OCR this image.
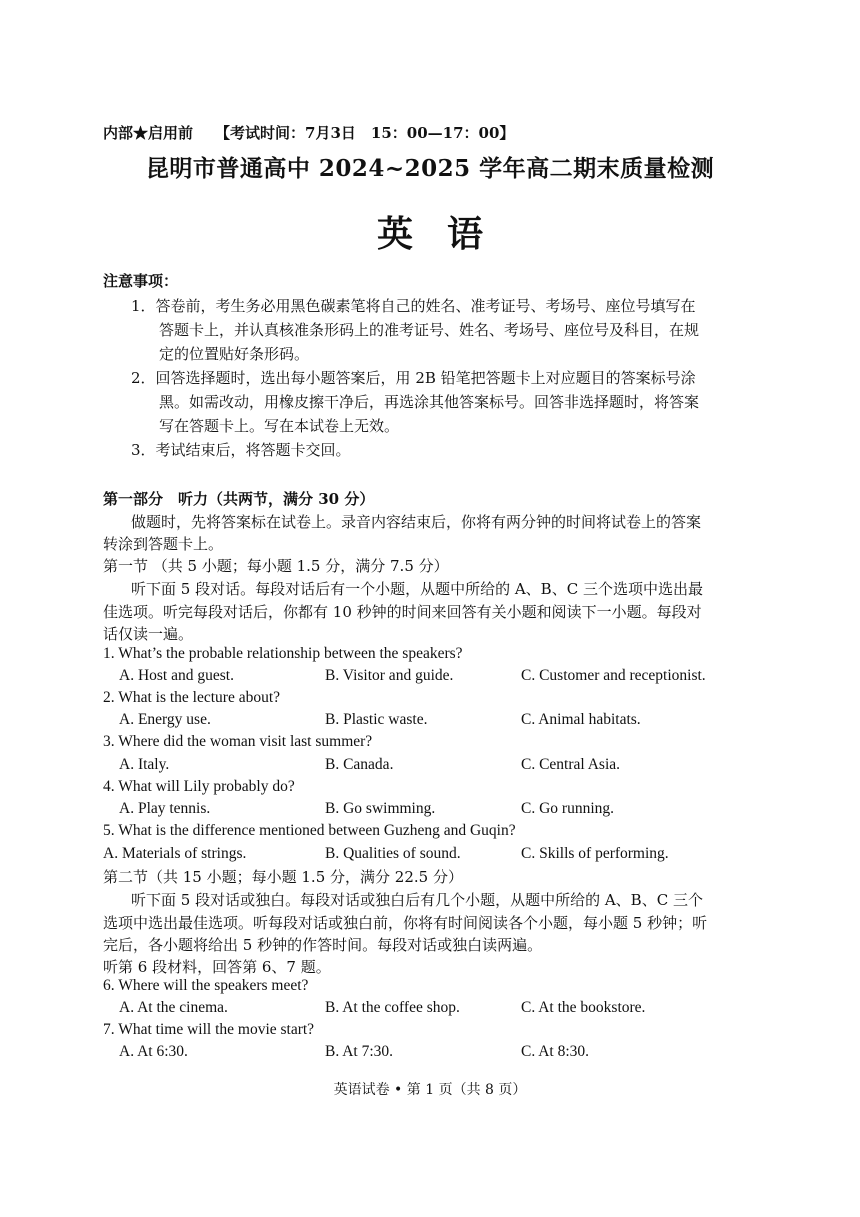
内部★启用前 【考试时间：7月3日　15：00—17：00】
昆明市普通高中 2024~2025 学年高二期末质量检测
英语
注意事项：
1．答卷前，考生务必用黑色碳素笔将自己的姓名、准考证号、考场号、座位号填写在
答题卡上，并认真核准条形码上的准考证号、姓名、考场号、座位号及科目，在规
定的位置贴好条形码。
2．回答选择题时，选出每小题答案后，用 2B 铅笔把答题卡上对应题目的答案标号涂
黑。如需改动，用橡皮擦干净后，再选涂其他答案标号。回答非选择题时，将答案
写在答题卡上。写在本试卷上无效。
3．考试结束后，将答题卡交回。
第一部分　听力（共两节，满分 30 分）
做题时，先将答案标在试卷上。录音内容结束后，你将有两分钟的时间将试卷上的答案
转涂到答题卡上。
第一节 （共 5 小题；每小题 1.5 分，满分 7.5 分）
听下面 5 段对话。每段对话后有一个小题，从题中所给的 A、B、C 三个选项中选出最
佳选项。听完每段对话后，你都有 10 秒钟的时间来回答有关小题和阅读下一小题。每段对
话仅读一遍。
1. What’s the probable relationship between the speakers?
A. Host and guest.	B. Visitor and guide.	C. Customer and receptionist.
2. What is the lecture about?
A. Energy use.	B. Plastic waste.	C. Animal habitats.
3. Where did the woman visit last summer?
A. Italy.	B. Canada.	C. Central Asia.
4. What will Lily probably do?
A. Play tennis.	B. Go swimming.	C. Go running.
5. What is the difference mentioned between Guzheng and Guqin?
A. Materials of strings.	B. Qualities of sound.	C. Skills of performing.
第二节（共 15 小题；每小题 1.5 分，满分 22.5 分）
听下面 5 段对话或独白。每段对话或独白后有几个小题，从题中所给的 A、B、C 三个
选项中选出最佳选项。听每段对话或独白前，你将有时间阅读各个小题，每小题 5 秒钟；听
完后，各小题将给出 5 秒钟的作答时间。每段对话或独白读两遍。
听第 6 段材料，回答第 6、7 题。
6. Where will the speakers meet?
A. At the cinema.	B. At the coffee shop.	C. At the bookstore.
7. What time will the movie start?
A. At 6:30.	B. At 7:30.	C. At 8:30.
英语试卷 • 第 1 页（共 8 页）
